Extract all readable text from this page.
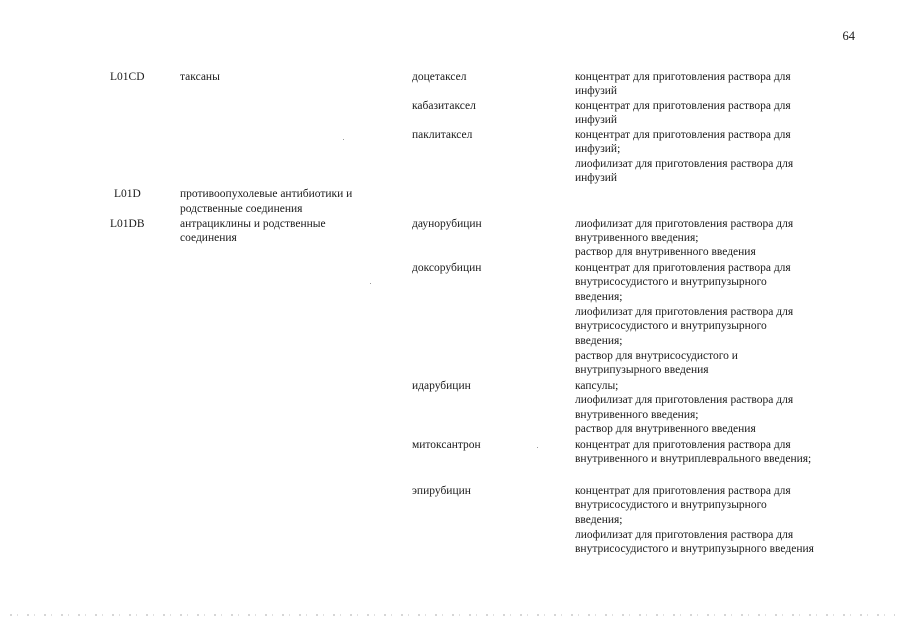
64
L01CD	таксаны	доцетаксел	концентрат для приготовления раствора для
инфузий
кабазитаксел	концентрат для приготовления раствора для
инфузий
паклитаксел	концентрат для приготовления раствора для
инфузий;
лиофилизат для приготовления раствора для
инфузий
L01D	противоопухолевые антибиотики и
родственные соединения
L01DB	антрациклины и родственные
соединения
даунорубицин	лиофилизат для приготовления раствора для
внутривенного введения;
раствор для внутривенного введения
доксорубицин	концентрат для приготовления раствора для
внутрисосудистого и внутрипузырного
введения;
лиофилизат для приготовления раствора для
внутрисосудистого и внутрипузырного
введения;
раствор для внутрисосудистого и
внутрипузырного введения
идарубицин	капсулы;
лиофилизат для приготовления раствора для
внутривенного введения;
раствор для внутривенного введения
митоксантрон	концентрат для приготовления раствора для
внутривенного и внутриплеврального введения;
эпирубицин	концентрат для приготовления раствора для
внутрисосудистого и внутрипузырного
введения;
лиофилизат для приготовления раствора для
внутрисосудистого и внутрипузырного введения
